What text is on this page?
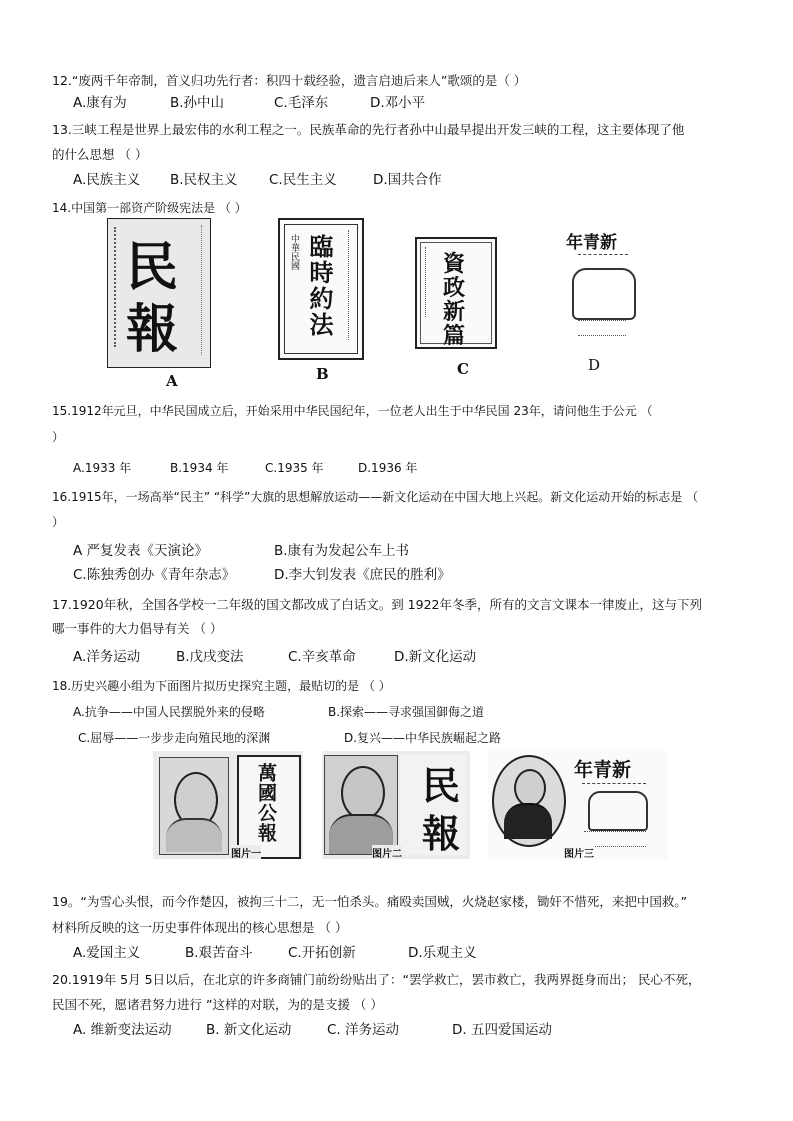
12.“废两千年帝制，首义归功先行者：积四十载经验，遗言启迪后来人”歌颂的是（ ）
A.康有为	B.孙中山	C.毛泽东	D.邓小平
13.三峡工程是世界上最宏伟的水利工程之一。民族革命的先行者孙中山最早提出开发三峡的工程，这主要体现了他
的什么思想 （ ）
A.民族主义 B.民权主义 C.民生主义	D.国共合作
14.中国第一部资产阶级宪法是 （ ）
民
報
A
中華民國 臨時約法
B
資
政
新
篇
C
年青新
D
15.1912年元旦，中华民国成立后，开始采用中华民国纪年，一位老人出生于中华民国 23年，请问他生于公元 （
）
A.1933 年	B.1934 年	C.1935 年	D.1936 年
16.1915年，一场高举“民主” “科学”大旗的思想解放运动——新文化运动在中国大地上兴起。新文化运动开始的标志是 （
）
A 严复发表《天演论》	B.康有为发起公车上书
C.陈独秀创办《青年杂志》	D.李大钊发表《庶民的胜利》
17.1920年秋，全国各学校一二年级的国文都改成了白话文。到 1922年冬季，所有的文言文课本一律废止，这与下列
哪一事件的大力倡导有关 （ ）
A.洋务运动	B.戊戌变法	C.辛亥革命	D.新文化运动
18.历史兴趣小组为下面图片拟历史探究主题，最贴切的是 （ ）
A.抗争——中国人民摆脱外来的侵略	B.探索——寻求强国御侮之道
C.屈辱——一步步走向殖民地的深渊	D.复兴——中华民族崛起之路
萬國公報
图片一
民
報
图片二
年青新
图片三
19。“为雪心头恨，而今作楚囚，被拘三十二，无一怕杀头。痛殴卖国贼，火烧赵家楼，锄奸不惜死，来把中国救。”
材料所反映的这一历史事件体现出的核心思想是 （ ）
A.爱国主义	B.艰苦奋斗	C.开拓创新	D.乐观主义
20.1919年 5月 5日以后，在北京的许多商铺门前纷纷贴出了：“罢学救亡，罢市救亡，我两界挺身而出； 民心不死，
民国不死，愿诸君努力进行 ”这样的对联，为的是支援 （ ）
A. 维新变法运动	B. 新文化运动	C. 洋务运动	D. 五四爱国运动
